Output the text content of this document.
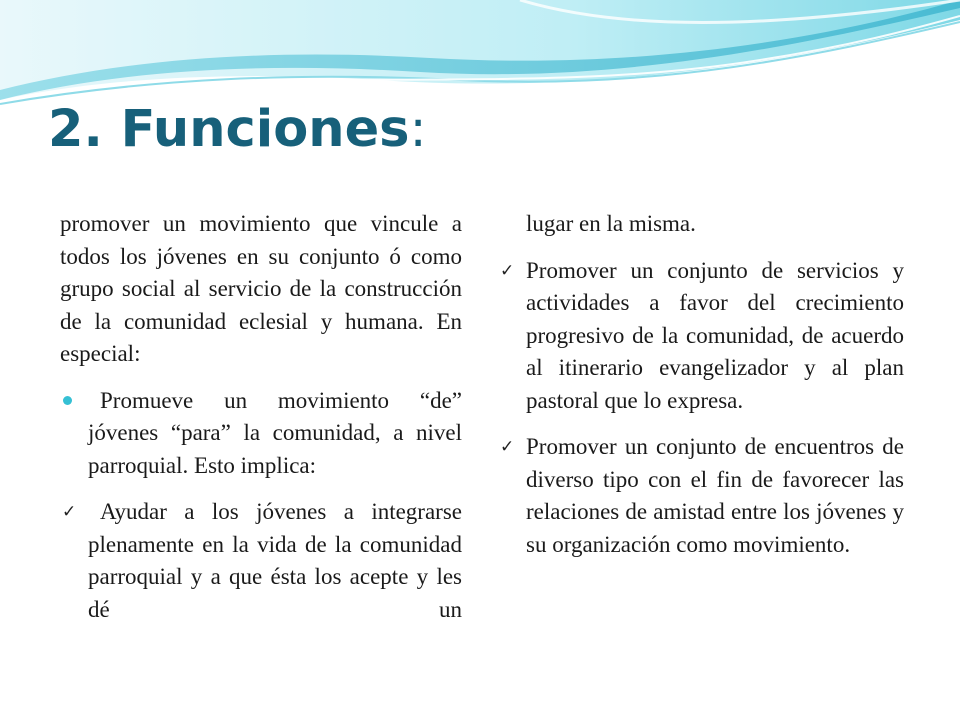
2. Funciones:

promover un movimiento que vincule a todos los jóvenes en su conjunto ó como grupo social al servicio de la construcción de la comunidad eclesial y humana. En especial:

Promueve un movimiento “de” jóvenes “para” la comunidad, a nivel parroquial. Esto implica:
✓	Ayudar a los jóvenes a integrarse plenamente en la vida de la comunidad parroquial y a que ésta los acepte y les dé un

lugar en la misma.

✓ Promover un conjunto de servicios y actividades a favor del crecimiento progresivo de la comunidad, de acuerdo al itinerario evangelizador y al plan pastoral que lo expresa.
✓ Promover un conjunto de encuentros de diverso tipo con el fin de favorecer las relaciones de amistad entre los jóvenes y su organización como movimiento.
